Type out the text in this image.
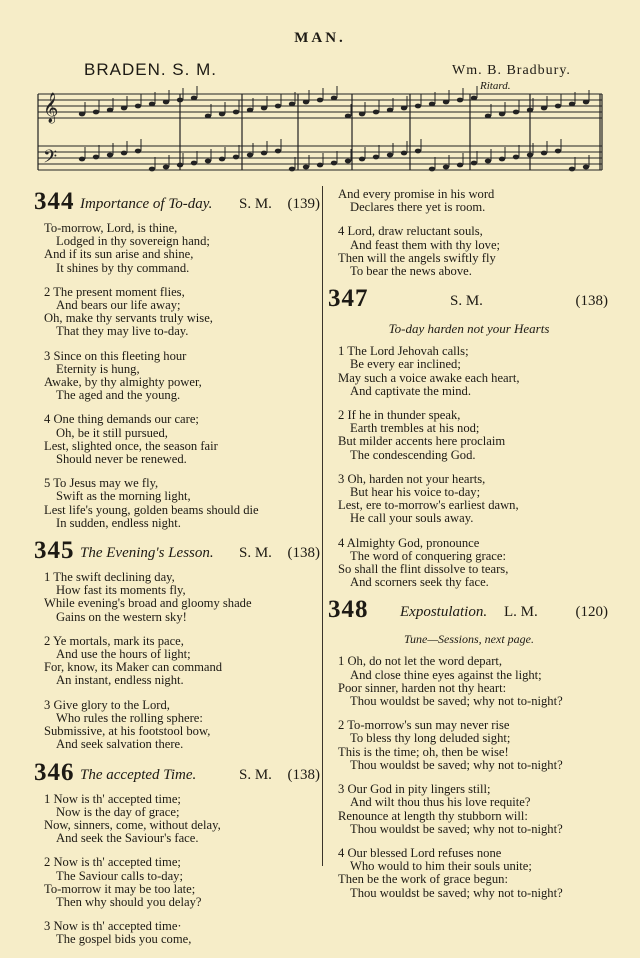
MAN.
BRADEN. S. M.	Wm. B. Bradbury.
Ritard.
𝄞
𝄢
344 Importance of To-day. S. M. (139)
To-morrow, Lord, is thine,
Lodged in thy sovereign hand;
And if its sun arise and shine,
It shines by thy command.
2 The present moment flies,
And bears our life away;
Oh, make thy servants truly wise,
That they may live to-day.
3 Since on this fleeting hour
Eternity is hung,
Awake, by thy almighty power,
The aged and the young.
4 One thing demands our care;
Oh, be it still pursued,
Lest, slighted once, the season fair
Should never be renewed.
5 To Jesus may we fly,
Swift as the morning light,
Lest life's young, golden beams should die
In sudden, endless night.
345 The Evening's Lesson. S. M. (138)
1 The swift declining day,
How fast its moments fly,
While evening's broad and gloomy shade
Gains on the western sky!
2 Ye mortals, mark its pace,
And use the hours of light;
For, know, its Maker can command
An instant, endless night.
3 Give glory to the Lord,
Who rules the rolling sphere:
Submissive, at his footstool bow,
And seek salvation there.
346 The accepted Time.	S. M. (138)
1 Now is th' accepted time;
Now is the day of grace;
Now, sinners, come, without delay,
And seek the Saviour's face.
2 Now is th' accepted time;
The Saviour calls to-day;
To-morrow it may be too late;
Then why should you delay?
3 Now is th' accepted time·
The gospel bids you come,
And every promise in his word
Declares there yet is room.
4 Lord, draw reluctant souls,
And feast them with thy love;
Then will the angels swiftly fly
To bear the news above.
347	S. M.	(138)
To-day harden not your Hearts
1 The Lord Jehovah calls;
Be every ear inclined;
May such a voice awake each heart,
And captivate the mind.
2 If he in thunder speak,
Earth trembles at his nod;
But milder accents here proclaim
The condescending God.
3 Oh, harden not your hearts,
But hear his voice to-day;
Lest, ere to-morrow's earliest dawn,
He call your souls away.
4 Almighty God, pronounce
The word of conquering grace:
So shall the flint dissolve to tears,
And scorners seek thy face.
348 Expostulation. L. M.	(120)
Tune—Sessions, next page.
1 Oh, do not let the word depart,
And close thine eyes against the light;
Poor sinner, harden not thy heart:
Thou wouldst be saved; why not to-night?
2 To-morrow's sun may never rise
To bless thy long deluded sight;
This is the time; oh, then be wise!
Thou wouldst be saved; why not to-night?
3 Our God in pity lingers still;
And wilt thou thus his love requite?
Renounce at length thy stubborn will:
Thou wouldst be saved; why not to-night?
4 Our blessed Lord refuses none
Who would to him their souls unite;
Then be the work of grace begun:
Thou wouldst be saved; why not to-night?
